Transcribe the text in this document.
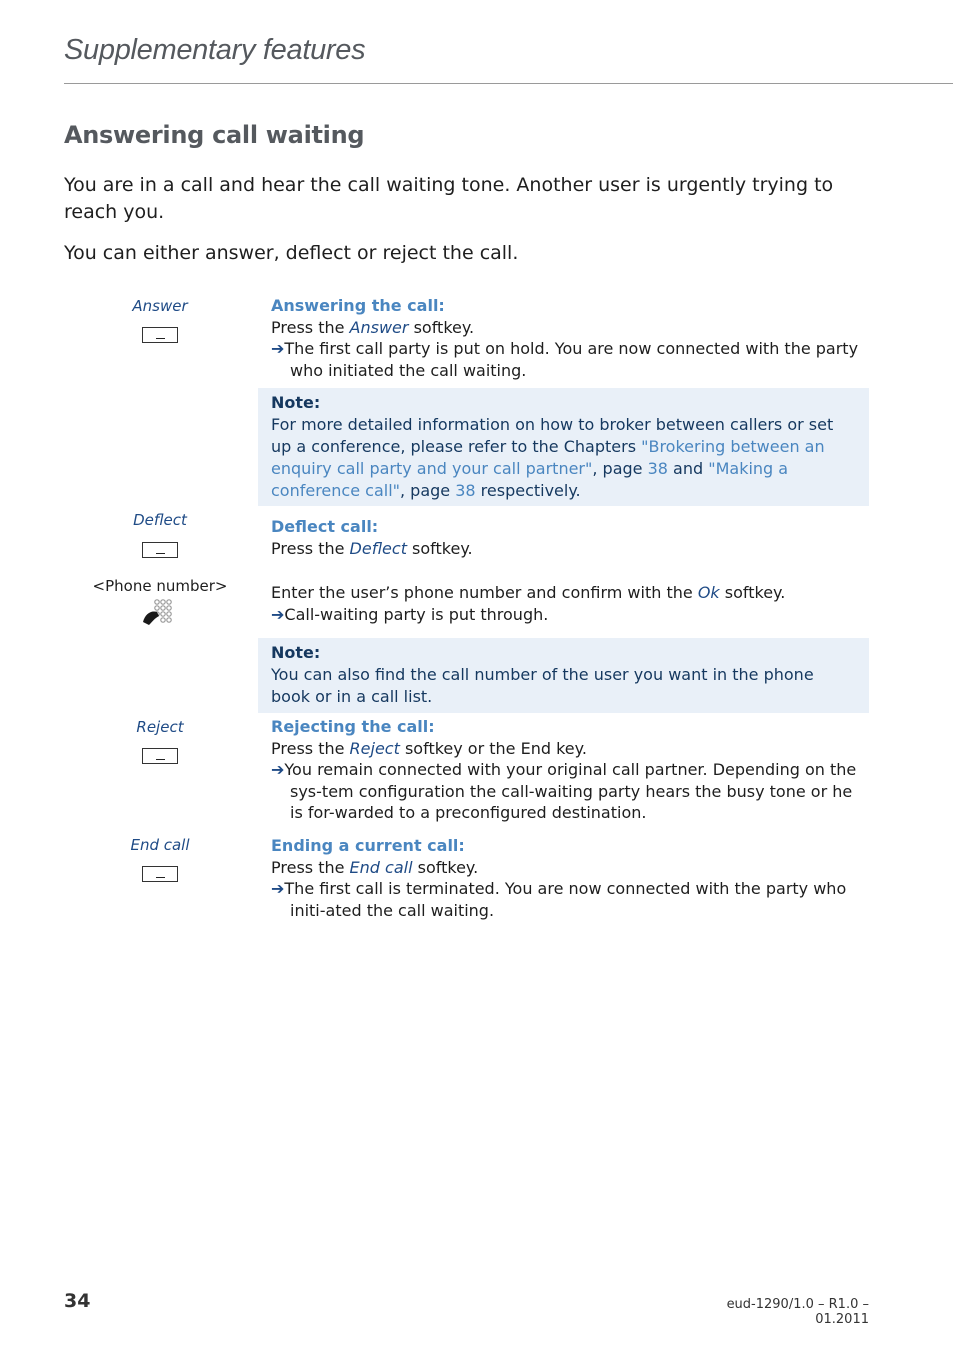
Supplementary features
Answering call waiting
You are in a call and hear the call waiting tone. Another user is urgently trying to reach you.
You can either answer, deflect or reject the call.
Answer	Answering the call:
Press the Answer softkey.
➔The first call party is put on hold. You are now connected with the party who initiated the call waiting.
Note:
For more detailed information on how to broker between callers or set up a conference, please refer to the Chapters "Brokering between an enquiry call party and your call partner", page 38 and "Making a conference call", page 38 respectively.
Deflect	Deflect call:
Press the Deflect softkey.
<Phone number>	Enter the user’s phone number and confirm with the Ok softkey.
➔Call-waiting party is put through.
Note:
You can also find the call number of the user you want in the phone book or in a call list.
Reject	Rejecting the call:
Press the Reject softkey or the End key.
➔You remain connected with your original call partner. Depending on the sys-tem configuration the call-waiting party hears the busy tone or he is for-warded to a preconfigured destination.
End call	Ending a current call:
Press the End call softkey.
➔The first call is terminated. You are now connected with the party who initi-ated the call waiting.
34	eud-1290/1.0 – R1.0 – 01.2011
